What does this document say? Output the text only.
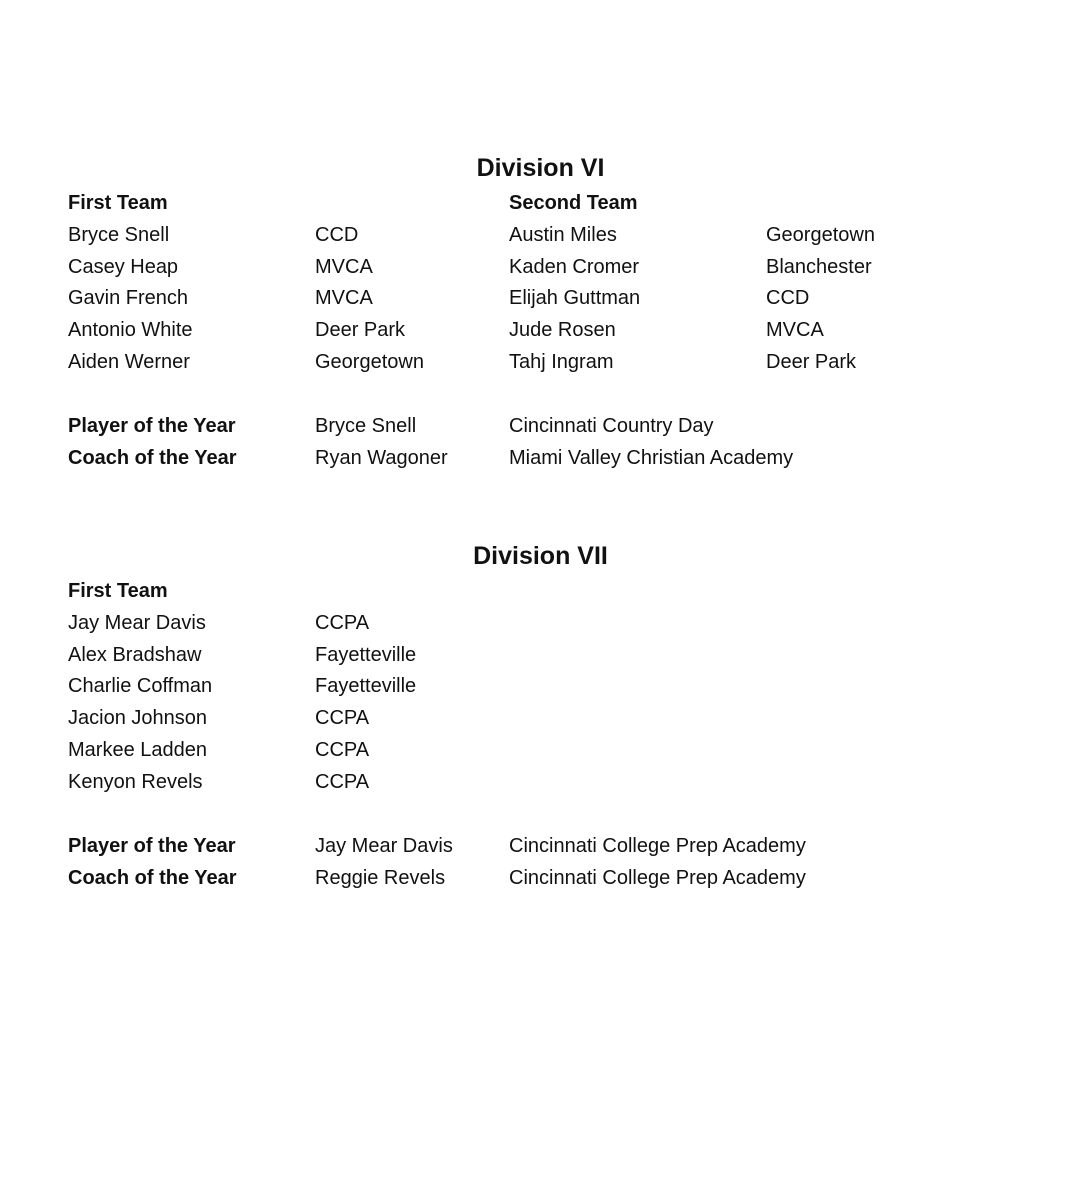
Division VI
First Team	Second Team
Bryce Snell	CCD	Austin Miles	Georgetown
Casey Heap	MVCA	Kaden Cromer	Blanchester
Gavin French	MVCA	Elijah Guttman	CCD
Antonio White	Deer Park	Jude Rosen	MVCA
Aiden Werner	Georgetown	Tahj Ingram	Deer Park
Player of the Year	Bryce Snell	Cincinnati Country Day
Coach of the Year	Ryan Wagoner	Miami Valley Christian Academy
Division VII
First Team
Jay Mear Davis	CCPA
Alex Bradshaw	Fayetteville
Charlie Coffman	Fayetteville
Jacion Johnson	CCPA
Markee Ladden	CCPA
Kenyon Revels	CCPA
Player of the Year	Jay Mear Davis	Cincinnati College Prep Academy
Coach of the Year	Reggie Revels	Cincinnati College Prep Academy
